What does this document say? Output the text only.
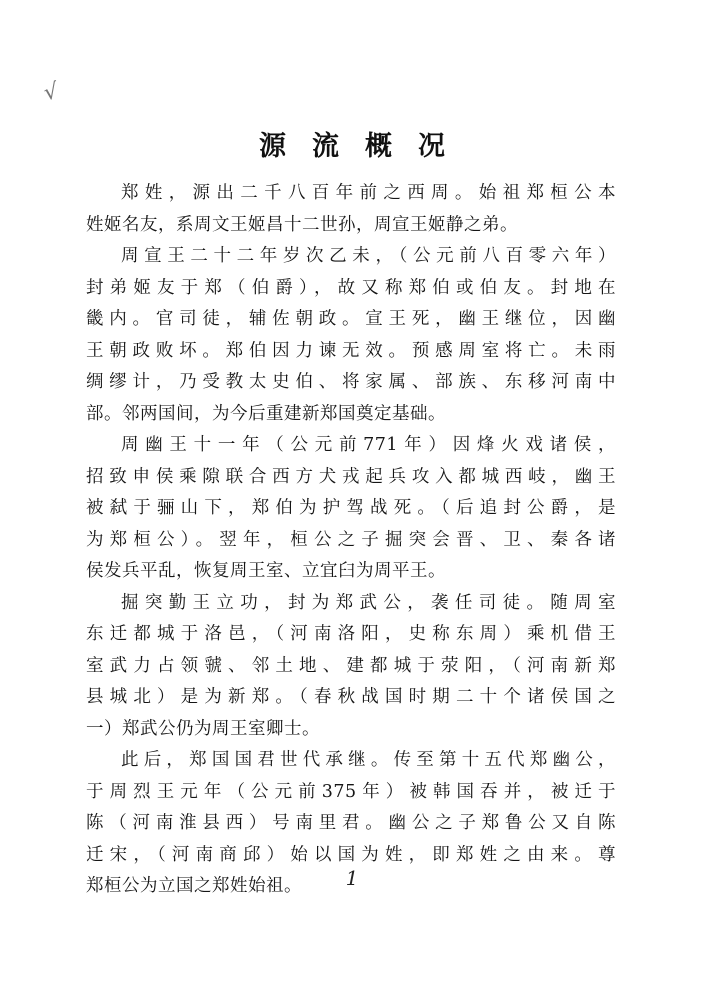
√
源流概况
郑姓，源出二千八百年前之西周。始祖郑桓公本
姓姬名友，系周文王姬昌十二世孙，周宣王姬静之弟。
周宣王二十二年岁次乙未，（公元前八百零六年）
封弟姬友于郑（伯爵），故又称郑伯或伯友。封地在
畿内。官司徒，辅佐朝政。宣王死，幽王继位，因幽
王朝政败坏。郑伯因力谏无效。预感周室将亡。未雨
绸缪计，乃受教太史伯、将家属、部族、东移河南中
部。邻两国间，为今后重建新郑国奠定基础。
周幽王十一年（公元前771年）因烽火戏诸侯，
招致申侯乘隙联合西方犬戎起兵攻入都城西岐，幽王
被弑于骊山下，郑伯为护驾战死。（后追封公爵，是
为郑桓公）。翌年，桓公之子掘突会晋、卫、秦各诸
侯发兵平乱，恢复周王室、立宜臼为周平王。
掘突勤王立功，封为郑武公，袭任司徒。随周室
东迁都城于洛邑，（河南洛阳，史称东周）乘机借王
室武力占领虢、邻土地、建都城于荥阳，（河南新郑
县城北）是为新郑。（春秋战国时期二十个诸侯国之
一）郑武公仍为周王室卿士。
此后，郑国国君世代承继。传至第十五代郑幽公，
于周烈王元年（公元前375年）被韩国吞并，被迁于
陈（河南淮县西）号南里君。幽公之子郑鲁公又自陈
迁宋，（河南商邱）始以国为姓，即郑姓之由来。尊
郑桓公为立国之郑姓始祖。	1
